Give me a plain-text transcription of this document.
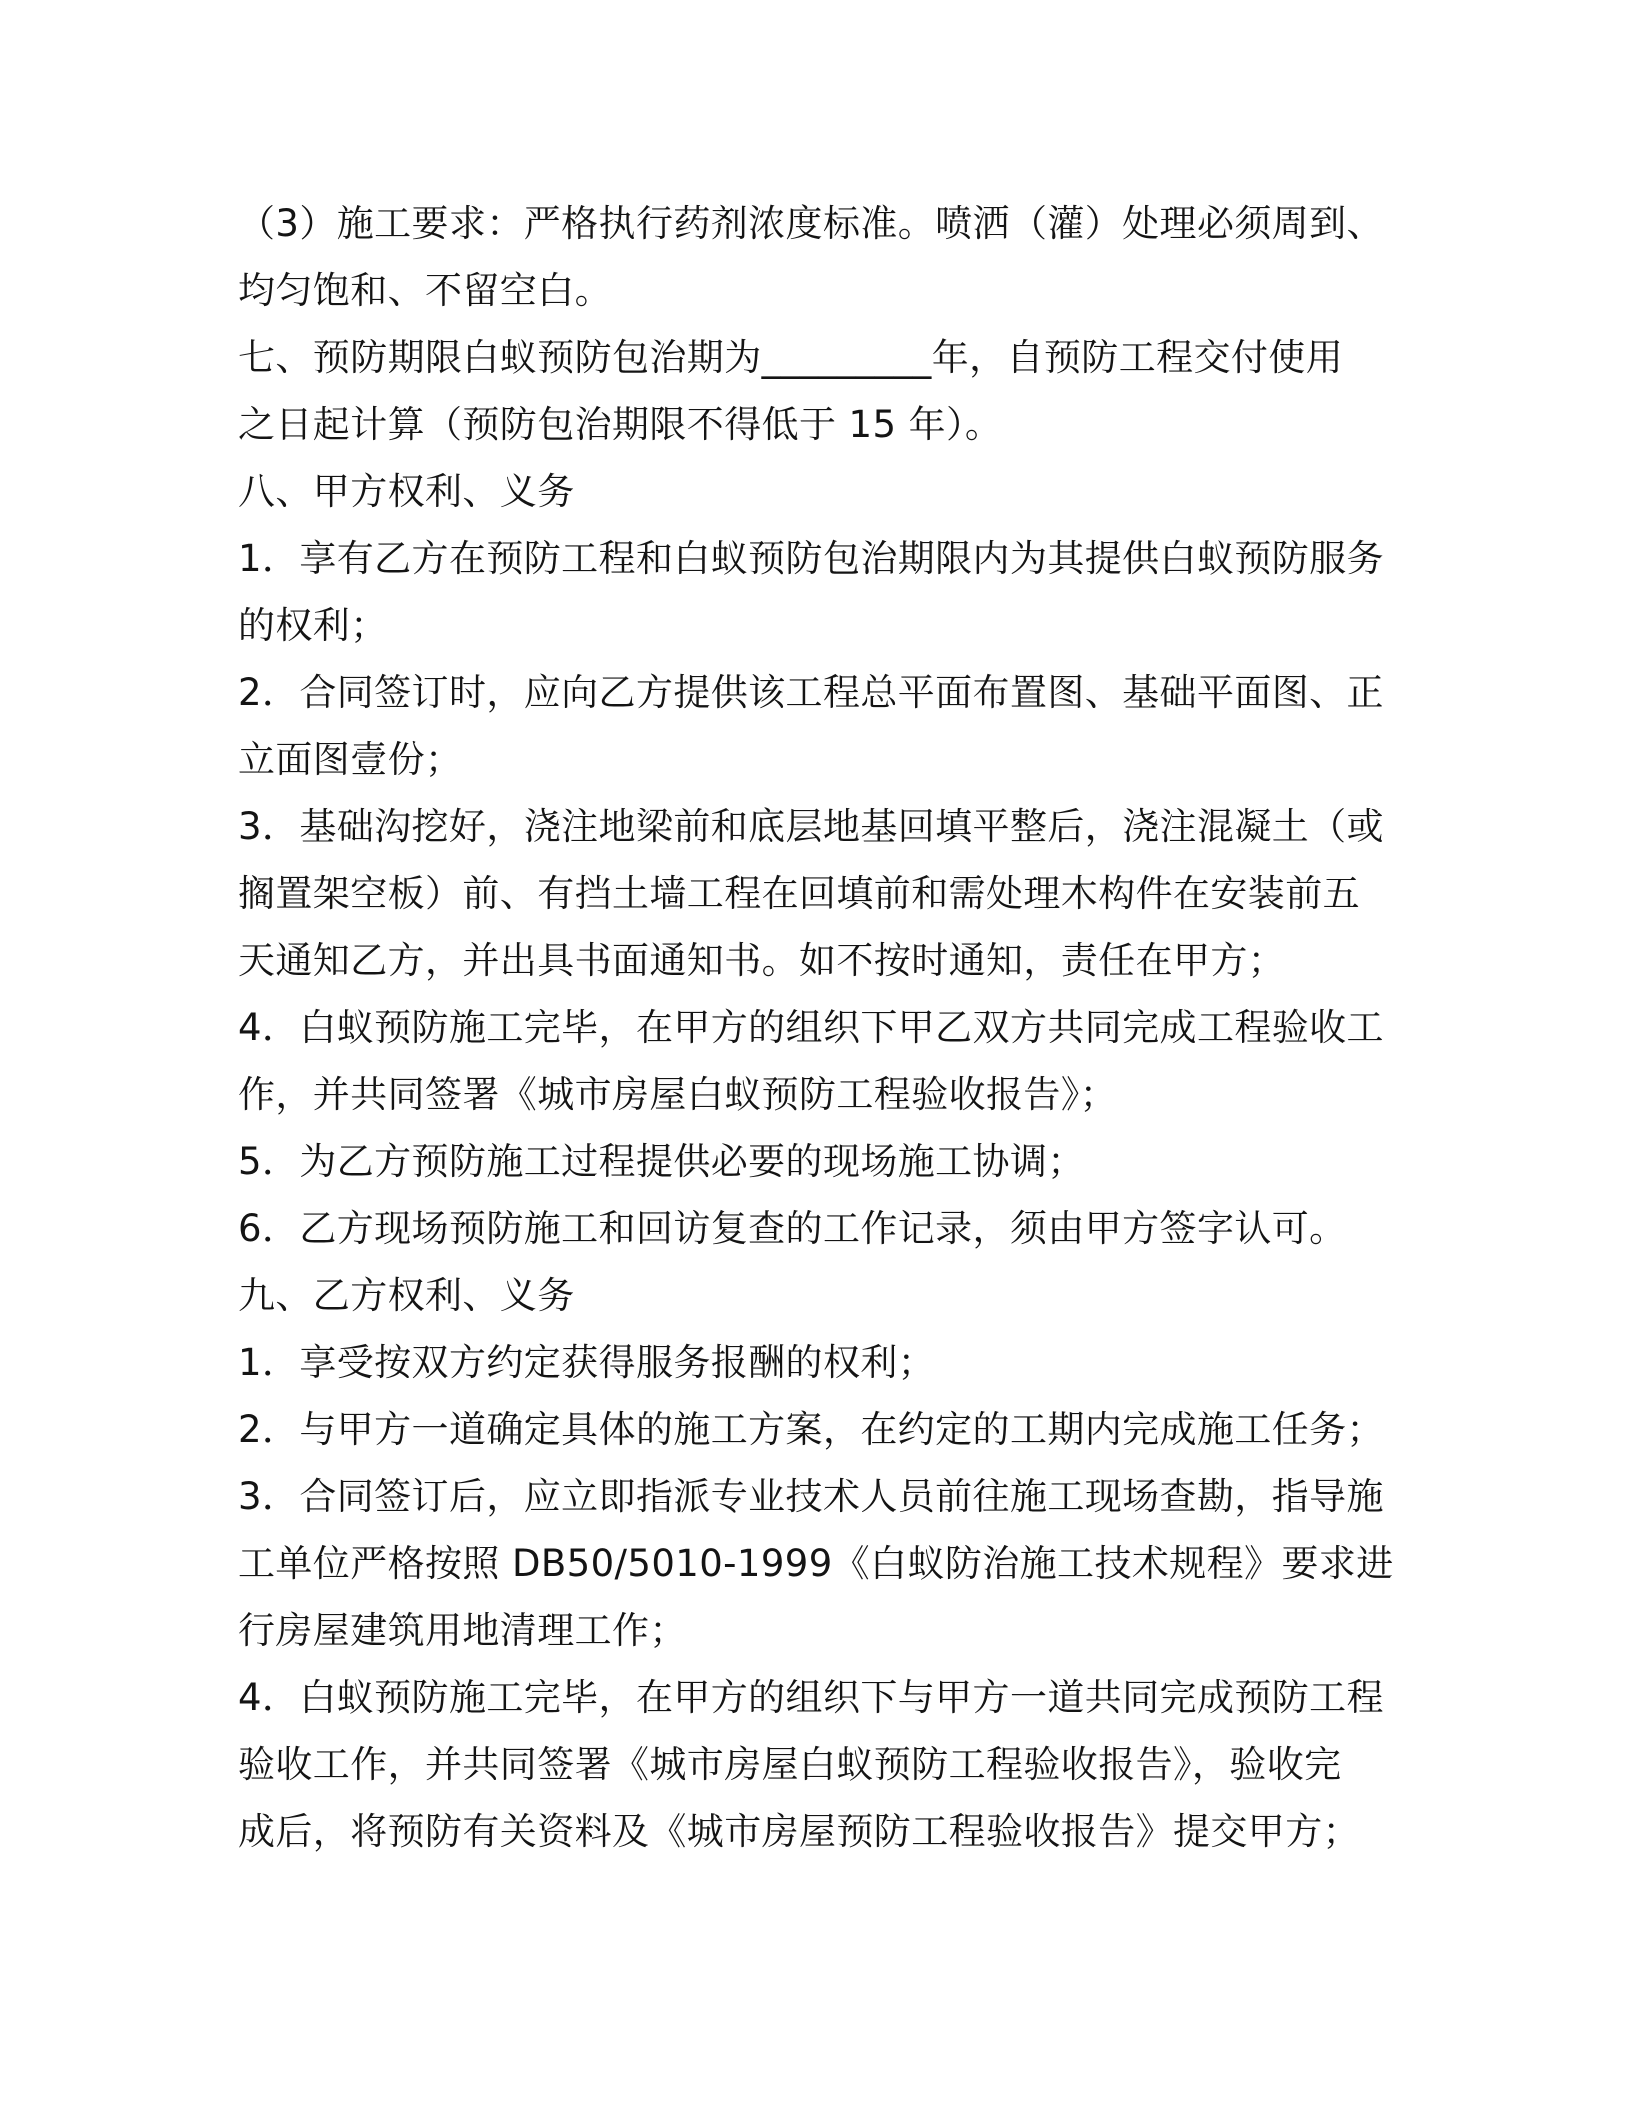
（3）施工要求：严格执行药剂浓度标准。喷洒（灌）处理必须周到、
均匀饱和、不留空白。
七、预防期限白蚁预防包治期为_________年，自预防工程交付使用
之日起计算（预防包治期限不得低于 15 年）。
八、甲方权利、义务
1．享有乙方在预防工程和白蚁预防包治期限内为其提供白蚁预防服务
的权利；
2．合同签订时，应向乙方提供该工程总平面布置图、基础平面图、正
立面图壹份；
3．基础沟挖好，浇注地梁前和底层地基回填平整后，浇注混凝土（或
搁置架空板）前、有挡土墙工程在回填前和需处理木构件在安装前五
天通知乙方，并出具书面通知书。如不按时通知，责任在甲方；
4．白蚁预防施工完毕，在甲方的组织下甲乙双方共同完成工程验收工
作，并共同签署《城市房屋白蚁预防工程验收报告》；
5．为乙方预防施工过程提供必要的现场施工协调；
6．乙方现场预防施工和回访复查的工作记录，须由甲方签字认可。
九、乙方权利、义务
1．享受按双方约定获得服务报酬的权利；
2．与甲方一道确定具体的施工方案，在约定的工期内完成施工任务；
3．合同签订后，应立即指派专业技术人员前往施工现场查勘，指导施
工单位严格按照 DB50/5010-1999《白蚁防治施工技术规程》要求进
行房屋建筑用地清理工作；
4．白蚁预防施工完毕，在甲方的组织下与甲方一道共同完成预防工程
验收工作，并共同签署《城市房屋白蚁预防工程验收报告》，验收完
成后，将预防有关资料及《城市房屋预防工程验收报告》提交甲方；
